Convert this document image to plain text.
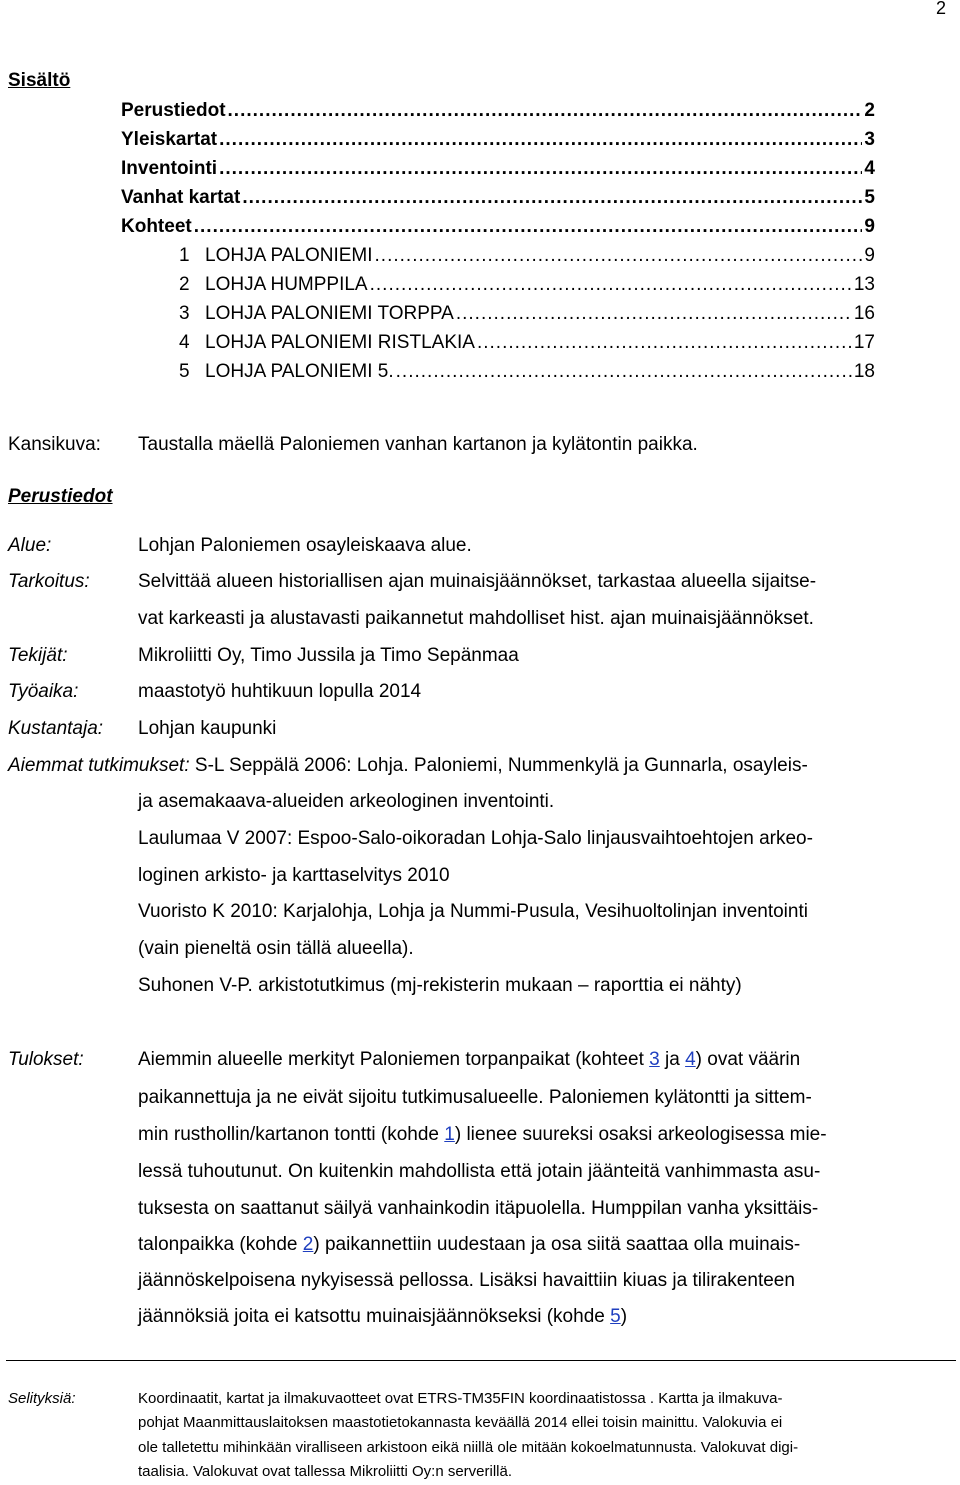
2
Sisältö
Perustiedot .....	2
Yleiskartat .....	3
Inventointi .....	4
Vanhat kartat .....	5
Kohteet .....	9
1 LOHJA PALONIEMI .....	9
2 LOHJA HUMPPILA .....	13
3 LOHJA PALONIEMI TORPPA .....	16
4 LOHJA PALONIEMI RISTLAKIA .....	17
5 LOHJA PALONIEMI 5. .....	18
Kansikuva: Taustalla mäellä Paloniemen vanhan kartanon ja kylätontin paikka.
Perustiedot
Alue:	Lohjan Paloniemen osayleiskaava alue.
Tarkoitus:	Selvittää alueen historiallisen ajan muinaisjäännökset, tarkastaa alueella sijaitse-
vat karkeasti ja alustavasti paikannetut mahdolliset hist. ajan muinaisjäännökset.
Tekijät:	Mikroliitti Oy, Timo Jussila ja Timo Sepänmaa
Työaika:	maastotyö huhtikuun lopulla 2014
Kustantaja: Lohjan kaupunki
Aiemmat tutkimukset: S-L Seppälä 2006: Lohja. Paloniemi, Nummenkylä ja Gunnarla, osayleis-
ja asemakaava-alueiden arkeologinen inventointi.
Laulumaa V 2007: Espoo-Salo-oikoradan Lohja-Salo linjausvaihtoehtojen arkeo-
loginen arkisto- ja karttaselvitys 2010
Vuoristo K 2010: Karjalohja, Lohja ja Nummi-Pusula, Vesihuoltolinjan inventointi
(vain pieneltä osin tällä alueella).
Suhonen V-P. arkistotutkimus (mj-rekisterin mukaan – raporttia ei nähty)
Tulokset:	Aiemmin alueelle merkityt Paloniemen torpanpaikat (kohteet 3 ja 4) ovat väärin
paikannettuja ja ne eivät sijoitu tutkimusalueelle. Paloniemen kylätontti ja sittem-
min rusthollin/kartanon tontti (kohde 1) lienee suureksi osaksi arkeologisessa mie-
lessä tuhoutunut. On kuitenkin mahdollista että jotain jäänteitä vanhimmasta asu-
tuksesta on saattanut säilyä vanhainkodin itäpuolella. Humppilan vanha yksittäis-
talonpaikka (kohde 2) paikannettiin uudestaan ja osa siitä saattaa olla muinais-
jäännöskelpoisena nykyisessä pellossa. Lisäksi havaittiin kiuas ja tilirakenteen
jäännöksiä joita ei katsottu muinaisjäännökseksi (kohde 5)
Selityksiä:	Koordinaatit, kartat ja ilmakuvaotteet ovat ETRS-TM35FIN koordinaatistossa . Kartta ja ilmakuva-
pohjat Maanmittauslaitoksen maastotietokannasta keväällä 2014 ellei toisin mainittu. Valokuvia ei
ole talletettu mihinkään viralliseen arkistoon eikä niillä ole mitään kokoelmatunnusta. Valokuvat digi-
taalisia. Valokuvat ovat tallessa Mikroliitti Oy:n serverillä.
